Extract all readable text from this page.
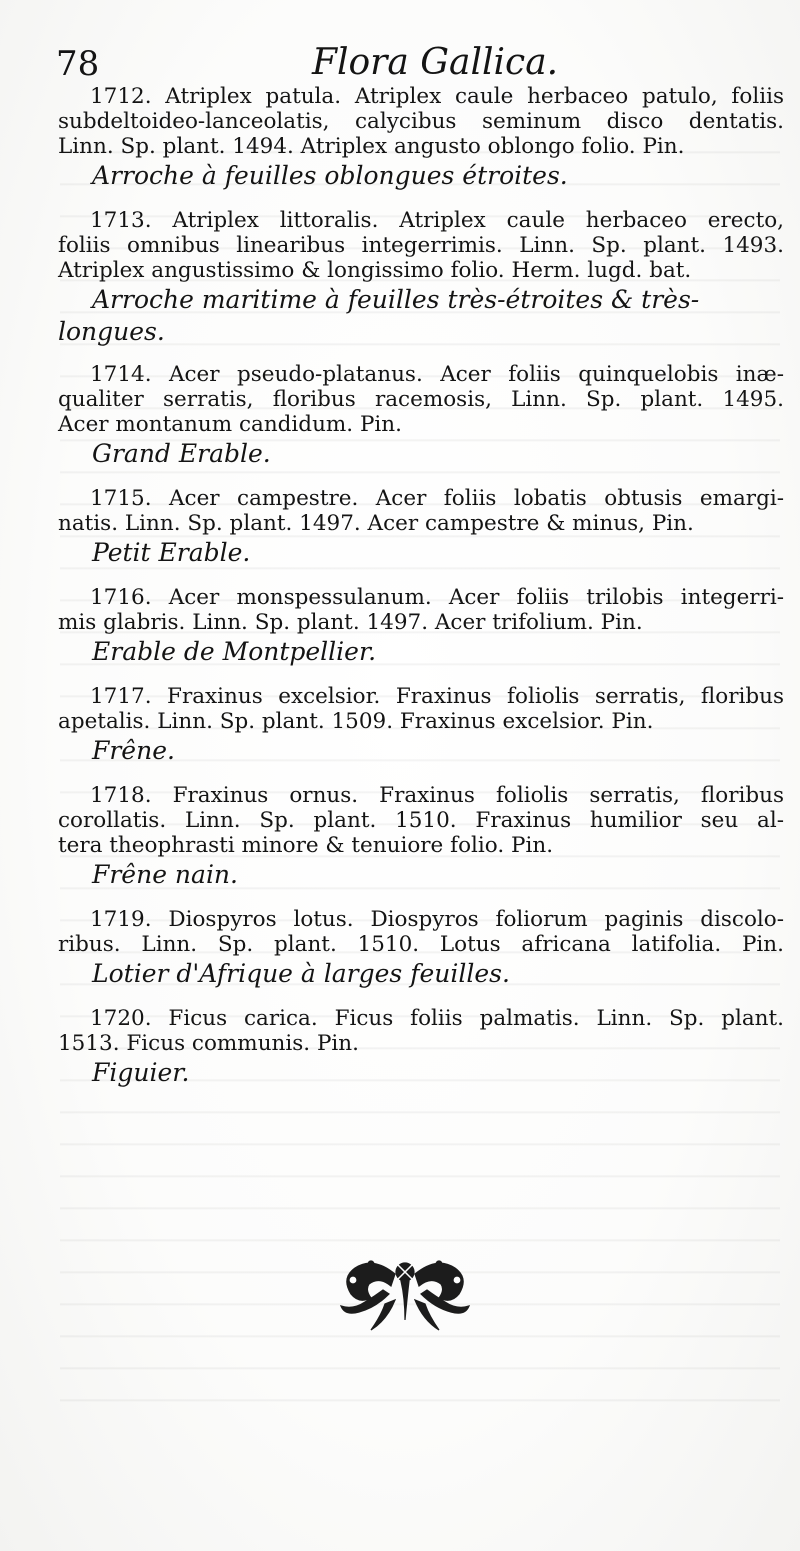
78	Flora Gallica.
1712. Atriplex patula. Atriplex caule herbaceo patulo, foliis
subdeltoideo-lanceolatis, calycibus seminum disco dentatis.
Linn. Sp. plant. 1494. Atriplex angusto oblongo folio. Pin.
Arroche à feuilles oblongues étroites.
1713. Atriplex littoralis. Atriplex caule herbaceo erecto,
foliis omnibus linearibus integerrimis. Linn. Sp. plant. 1493.
Atriplex angustissimo & longissimo folio. Herm. lugd. bat.
Arroche maritime à feuilles très-étroites & très-
longues.
1714. Acer pseudo-platanus. Acer foliis quinquelobis inæ-
qualiter serratis, floribus racemosis, Linn. Sp. plant. 1495.
Acer montanum candidum. Pin.
Grand Erable.
1715. Acer campestre. Acer foliis lobatis obtusis emargi-
natis. Linn. Sp. plant. 1497. Acer campestre & minus, Pin.
Petit Erable.
1716. Acer monspessulanum. Acer foliis trilobis integerri-
mis glabris. Linn. Sp. plant. 1497. Acer trifolium. Pin.
Erable de Montpellier.
1717. Fraxinus excelsior. Fraxinus foliolis serratis, floribus
apetalis. Linn. Sp. plant. 1509. Fraxinus excelsior. Pin.
Frêne.
1718. Fraxinus ornus. Fraxinus foliolis serratis, floribus
corollatis. Linn. Sp. plant. 1510. Fraxinus humilior seu al-
tera theophrasti minore & tenuiore folio. Pin.
Frêne nain.
1719. Diospyros lotus. Diospyros foliorum paginis discolo-
ribus. Linn. Sp. plant. 1510. Lotus africana latifolia. Pin.
Lotier d'Afrique à larges feuilles.
1720. Ficus carica. Ficus foliis palmatis. Linn. Sp. plant.
1513. Ficus communis. Pin.
Figuier.
